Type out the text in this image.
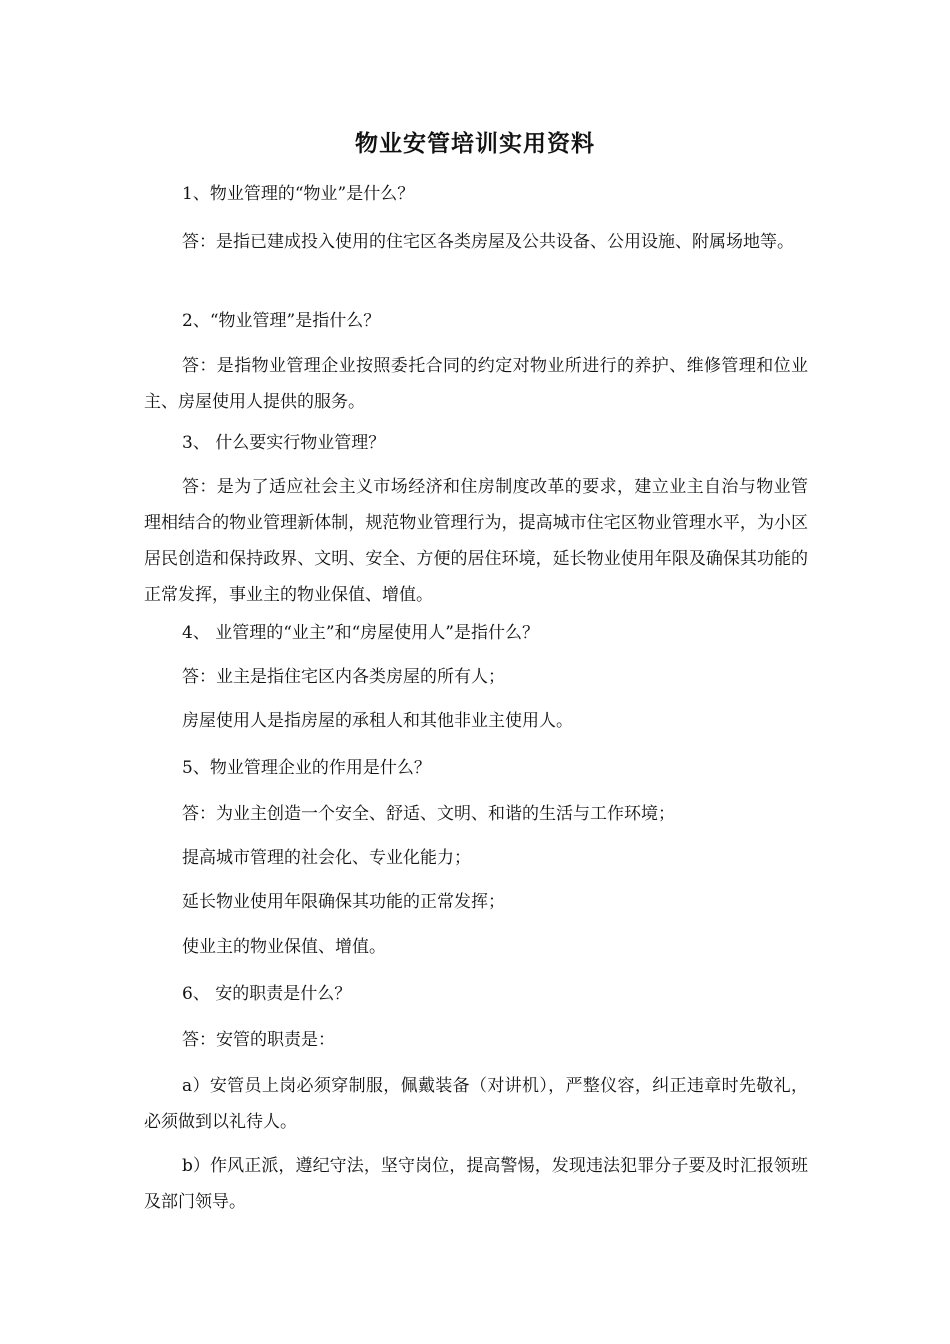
物业安管培训实用资料
1、物业管理的“物业”是什么？
答：是指已建成投入使用的住宅区各类房屋及公共设备、公用设施、附属场地等。
2、“物业管理”是指什么？
答：是指物业管理企业按照委托合同的约定对物业所进行的养护、维修管理和位业主、房屋使用人提供的服务。
3、 什么要实行物业管理？
答：是为了适应社会主义市场经济和住房制度改革的要求，建立业主自治与物业管理相结合的物业管理新体制，规范物业管理行为，提高城市住宅区物业管理水平，为小区居民创造和保持政界、文明、安全、方便的居住环境，延长物业使用年限及确保其功能的正常发挥，事业主的物业保值、增值。
4、 业管理的“业主”和“房屋使用人”是指什么？
答：业主是指住宅区内各类房屋的所有人；
房屋使用人是指房屋的承租人和其他非业主使用人。
5、物业管理企业的作用是什么？
答：为业主创造一个安全、舒适、文明、和谐的生活与工作环境；
提高城市管理的社会化、专业化能力；
延长物业使用年限确保其功能的正常发挥；
使业主的物业保值、增值。
6、 安的职责是什么？
答：安管的职责是：
a）安管员上岗必须穿制服，佩戴装备（对讲机），严整仪容，纠正违章时先敬礼，必须做到以礼待人。
b）作风正派，遵纪守法，坚守岗位，提高警惕，发现违法犯罪分子要及时汇报领班及部门领导。
